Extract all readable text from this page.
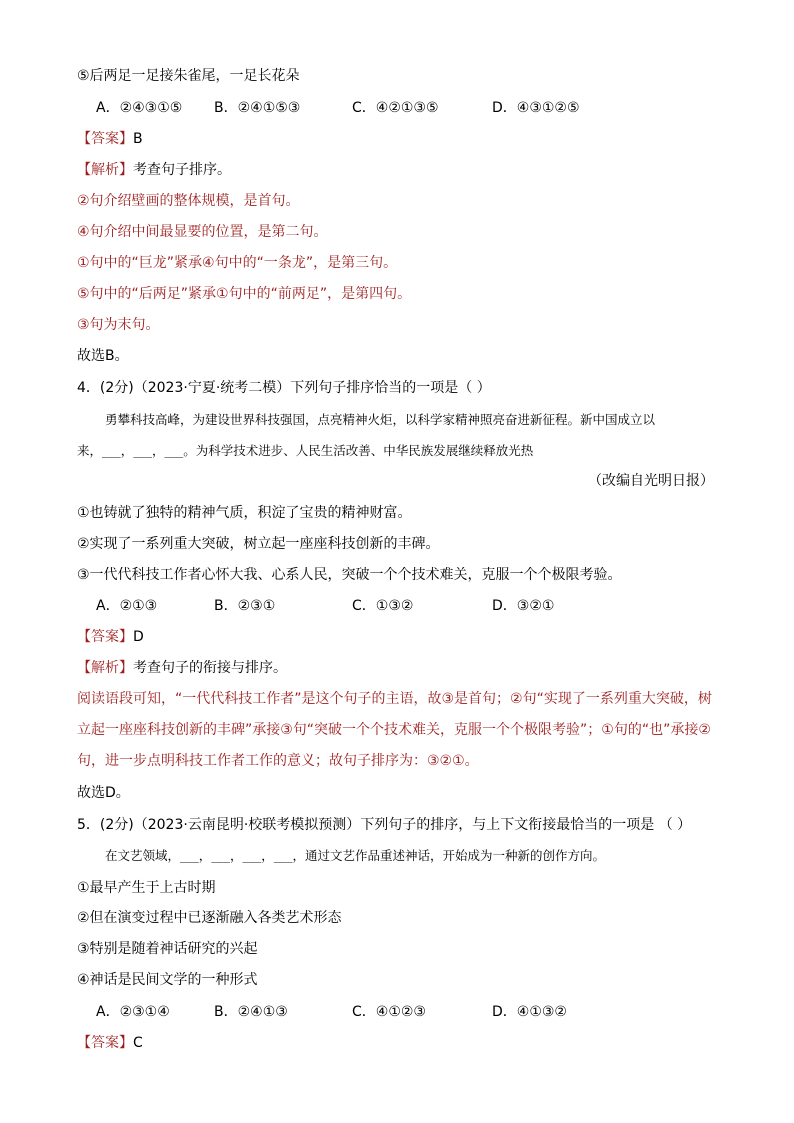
⑤后两足一足接朱雀尾，一足长花朵
A．②④③①⑤ B．②④①⑤③	C．④②①③⑤	D．④③①②⑤
【答案】B
【解析】考查句子排序。
②句介绍壁画的整体规模，是首句。
④句介绍中间最显要的位置，是第二句。
①句中的“巨龙”紧承④句中的“一条龙”，是第三句。
⑤句中的“后两足”紧承①句中的“前两足”，是第四句。
③句为末句。
故选B。
4．(2分)（2023·宁夏·统考二模）下列句子排序恰当的一项是（ ）
勇攀科技高峰，为建设世界科技强国，点亮精神火炬，以科学家精神照亮奋进新征程。新中国成立以
来，___，___，___。为科学技术进步、人民生活改善、中华民族发展继续释放光热
（改编自光明日报）
①也铸就了独特的精神气质，积淀了宝贵的精神财富。
②实现了一系列重大突破，树立起一座座科技创新的丰碑。
③一代代科技工作者心怀大我、心系人民，突破一个个技术难关，克服一个个极限考验。
A．②①③	B．②③①	C．①③②	D．③②①
【答案】D
【解析】考查句子的衔接与排序。
阅读语段可知，“一代代科技工作者”是这个句子的主语，故③是首句；②句“实现了一系列重大突破，树立起一座座科技创新的丰碑”承接③句“突破一个个技术难关，克服一个个极限考验”；①句的“也”承接②句，进一步点明科技工作者工作的意义；故句子排序为：③②①。
故选D。
5．(2分)（2023·云南昆明·校联考模拟预测）下列句子的排序，与上下文衔接最恰当的一项是 （ ）
在文艺领域，___，___，___，___，通过文艺作品重述神话，开始成为一种新的创作方向。
①最早产生于上古时期
②但在演变过程中已逐渐融入各类艺术形态
③特别是随着神话研究的兴起
④神话是民间文学的一种形式
A．②③①④	B．②④①③	C．④①②③	D．④①③②
【答案】C
